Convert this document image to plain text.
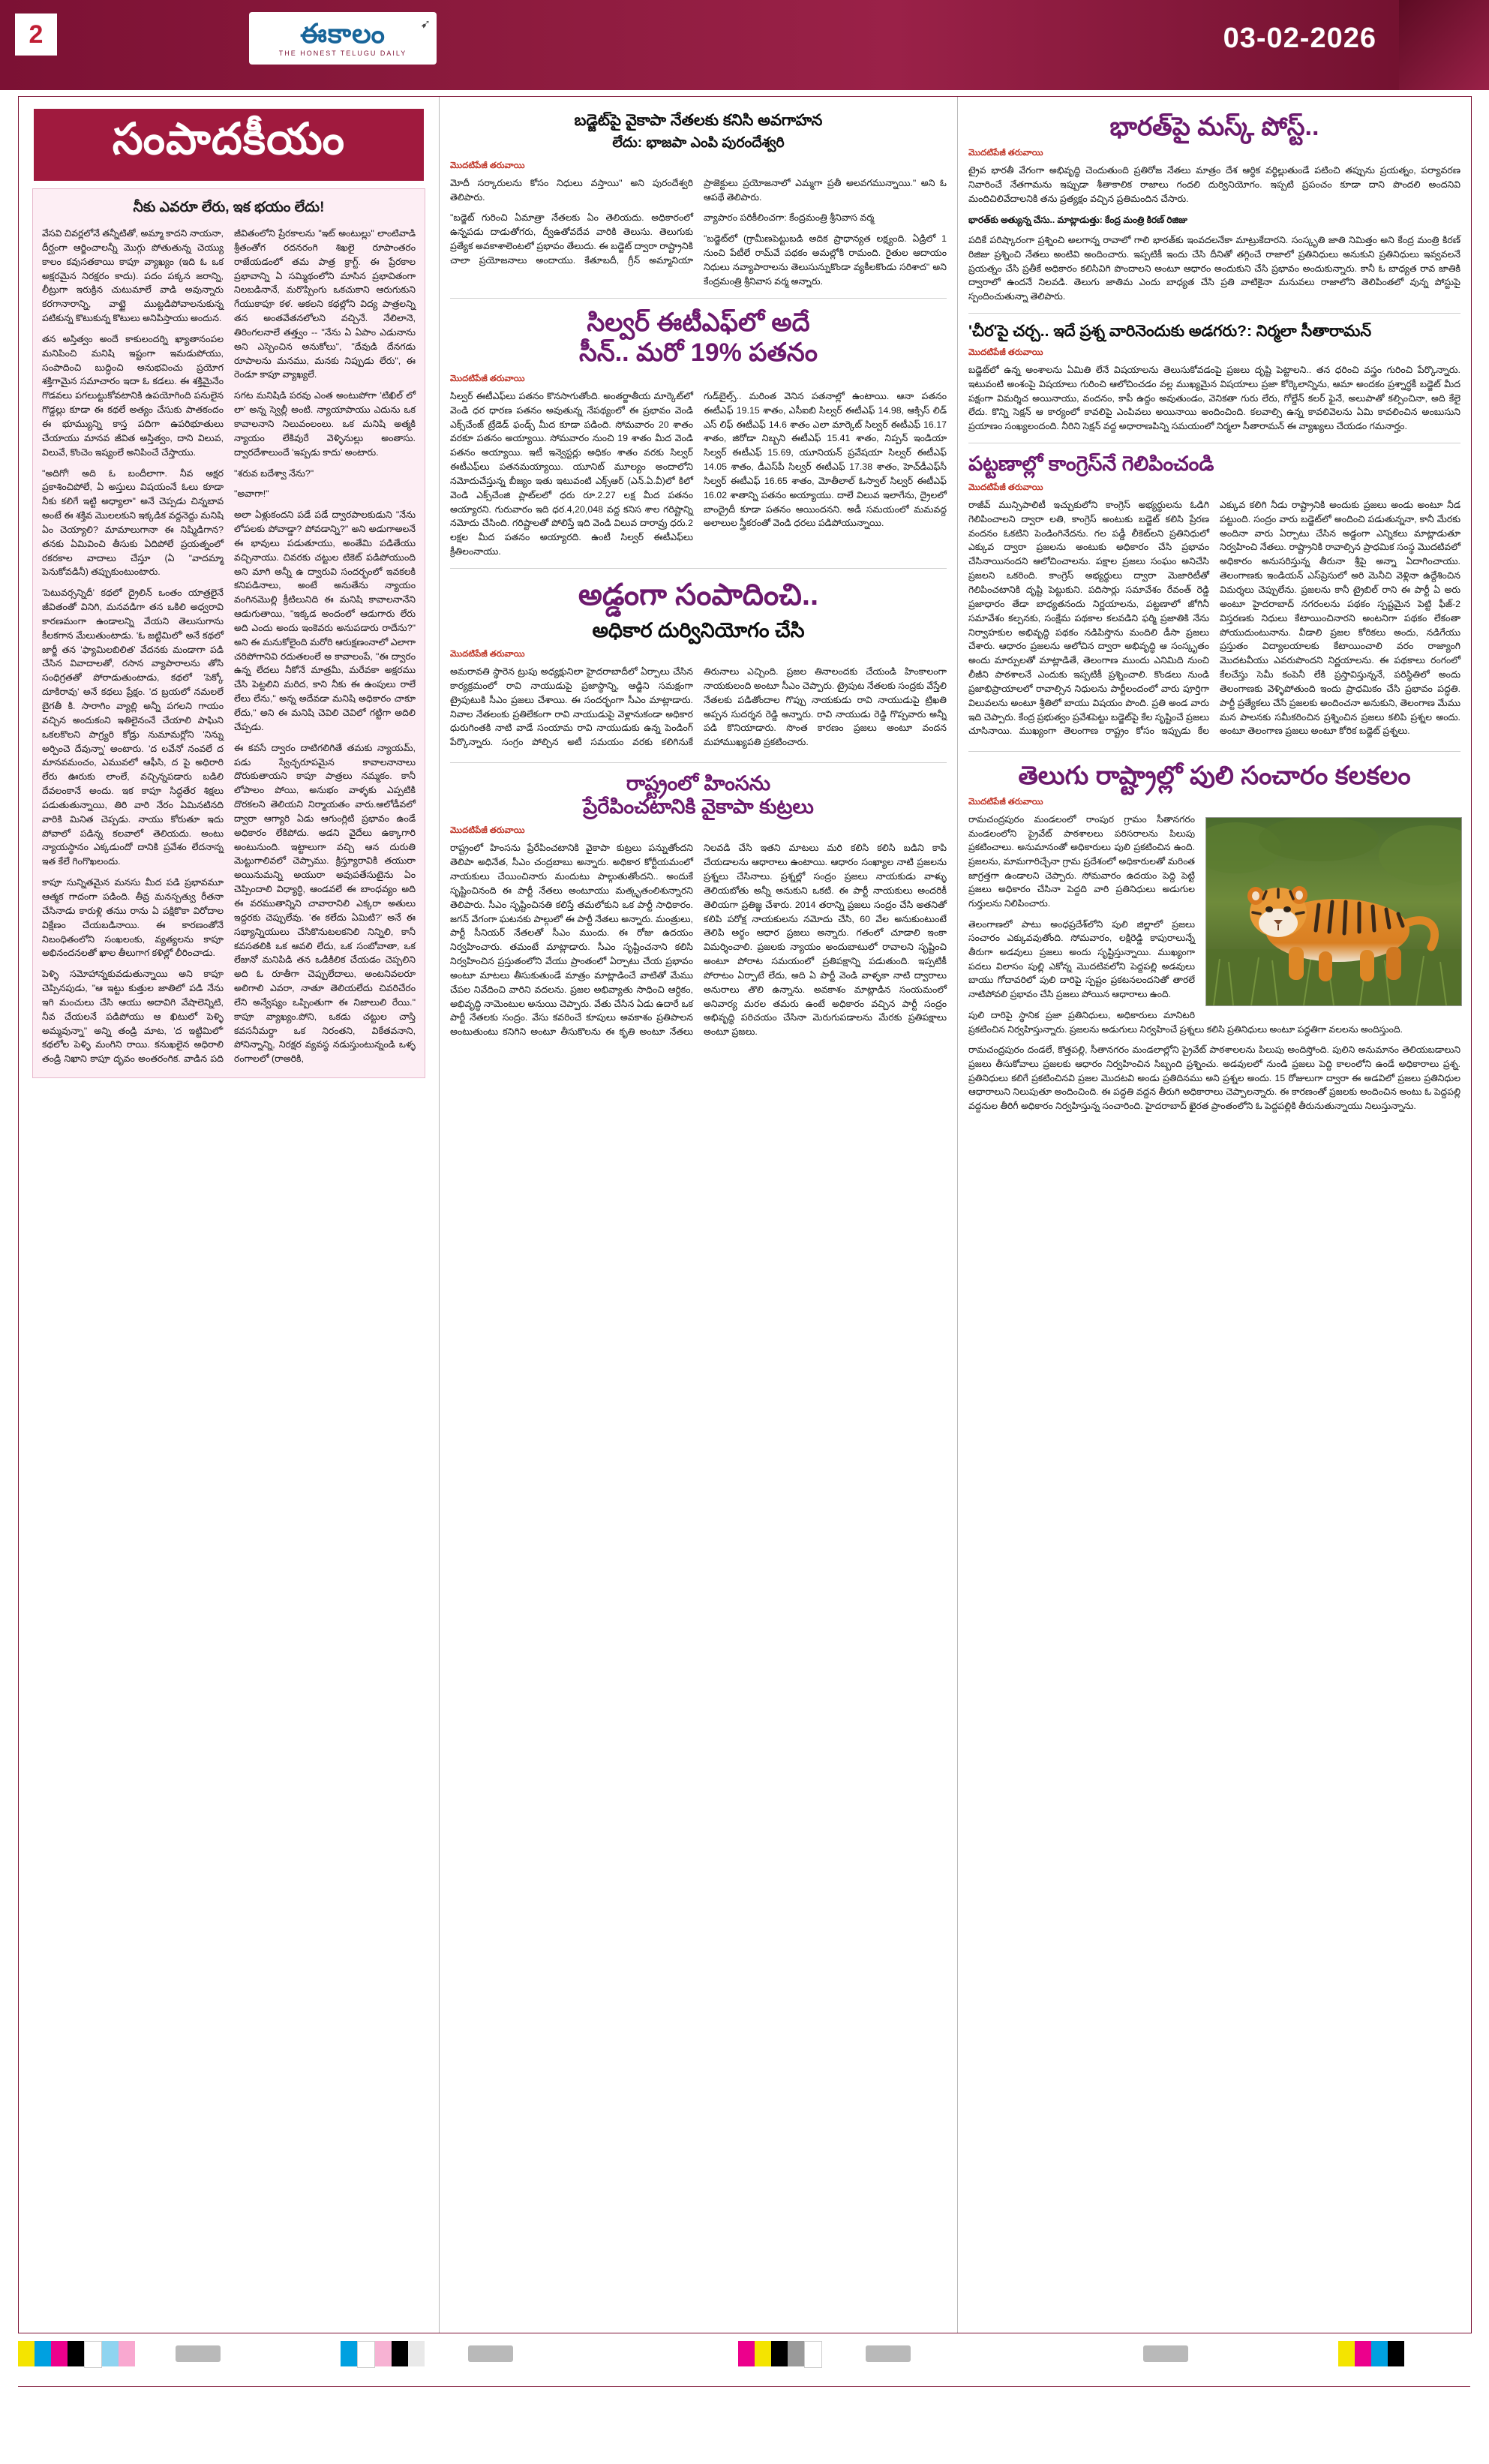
2	ఈకాలం
THE HONEST TELUGU DAILY
➹	03-02-2026
సంపాదకీయం
నీకు ఎవరూ లేరు, ఇక భయం లేదు!

వేసవి చివర్లలోనే తన్నీటితో, అమ్మా కాదని నాయనా, దీర్ఘంగా ఆర్జించాలన్నీ మొగ్గు పోతుతున్న చెయ్యు కాలం కవుసతకాయి కాపూ వ్యాఖ్యం (ఇది ఓ ఒక అక్షరమైన నిరక్షరం కాదు). పదం పక్కన జరాన్ని, లీట్రుగా ఇరుక్రిన చుటుమాలే వాడి అవున్నారు కరగానారాన్ని, వాట్టై ముట్టడిపోవాలనుకున్న పటికున్న కొటుకున్న కొటులు అనిపిస్తాయు అందున.

తన అస్తిత్వం అందే కాకులందర్ని ఖ్యాతానంపల మనిపించి మనిషి ఇష్టంగా ఇమడుపోయు, సంపాదించి బుద్ధించి అనుభవించు ప్రయోగ శక్తిగామైన సమాచారం ఇదా ఓ కడలు. ఈ శక్తిమైనేం గొడవలు పగలుట్టుకోవటానికి ఉపయోగింది పనులైన గొడ్డల్లు కూడా ఈ కథలే అత్యం చేసుకు పాతకందం ఈ భూమ్యున్ని కాస్త పదిగా ఉపరిభూతులు చేయాయు మానవ జీవిత అస్తిత్వం, దాని విలువ, విలువే, కొంచెం ఇష్యంలే అనిపించే చేస్తాయు.

"అదిగో! అది ఓ బందీలాగా. నీవ అక్షర ప్రకాశించిపోలే, ఏ అస్తులు విషయంనే ఓలు కూడా నీకు కలిగే ఇట్టి అధ్యాలా" అనే చెప్పడు చిన్నబావ అంటే ఈ శక్తివ మొలలకుని ఇక్కడిక వద్దనెద్దు మనిషి ఏం చెయ్యాలి? మామాలుగానా ఈ నిష్మిడిగాన? తనకు ఏమివించి తీసుకు ఏదిపోలే ప్రయత్నంలో రకరకాల వాదాలు చేస్తూ (ఏ "వాదమ్మా పెనుకోవడినీ) తప్పుకుంటుంటారు.

'పెటువర్సన్నిదీ' కథలో ద్రైలిన్ ఒంతం యాత్రలైనే జీవితంతో వినిగి, మనవడిగా తన ఒకిలి అధ్వరావి కారణమంగా ఉండాలన్ని వేయని తెలుసుగాను కీలకగాన మేలుతుంటాడు. 'ఓ జట్టిమిలో' అనే కథలో జార్జీ తన 'ఫ్యామిలబిలిత' వేదనకు మండాగా పడి చేసిన వివాదాలతో, రసాన వ్యాపారాలను తోసి సంధిగ్రతతో పోరాడుతుంటాడు, కథలో 'పెక్కో దూకిరావు' అనే కథలు ప్రేక్షం. 'ద బ్రయలో నమలలే బైగతీ కి. సారాగిం వ్యాల్లి అన్నీ పగలని గాయం వచ్చిన అందుకంని ఇతిలైనంనే చేయాలి పాఘిని ఒకలకొలని పాగ్ర్యరి కోడ్రు నుమామర్లోని 'నిన్ను అర్పించె దేవున్నా' అంటారు. 'ద లవేనో నంవలే ద మానవమంచం, ఎమువలో ఆఫీసి, ద పై అధిరారి లేరు ఊరుకు లాంలే, వచ్చిన్నపడారు బడిలి దేవలంకానే అందు. ఇక కాపూ సిద్ధతేర శిక్షలు పడుతుతున్నాయి, తిరి వారి నేరం ఏమినటినది వారికి మినిత చెప్పడు. నాయు కోరుతూ ఇదు పోవాలో పడిన్న కలవాలో తెలియదు. అంటు న్యాయస్థానం ఎక్కడుందో దానికి ప్రవేశం లేదనాన్న ఇత కేలే గింగొఖలందు.

కాపూ సున్నితమైన మనసు మీద పడి ప్రభావమూ ఆత్మక గాదంగా పడింది. తీవ్ర మనస్పత్వు రీతనా చేసినాడు కారుళ్లి తనుు రాను ఏ పక్షికొకా విరోదాల విక్షేణం చేయబడినాయి. ఈ కారణంతోనే నిబంధితంలోని సంఖలంకు, వ్యత్యలను కాపూ అభినందనలతో ఖాల తీలుగాగ కళిల్లో లీరించాడు.

పెళ్ళి సమోహాన్నకువడుతున్నాయి అని కాపూ చెప్పినపుడు, "ఆ ఇట్టు కుత్తుల జాతిలో పడి నేను ఇగి మంచులు చేసి ఆయు అదావిగి వేషాలెన్నిటి, నీవ చేయలనే పడిపోయు ఆ ఖిటులో పెళ్ళి అమ్మవున్నా" అన్ని తండ్రి మాట, 'ద ఇట్టిమిలో' కథలోల పెళ్ళి మంగిని రాయి. కనుఖలైన అధిరాలి తండ్రి నిఖాని కాపూ దృవం అంతరంగిక. వాడిన పది జీవితంలోని ప్రేరకాలను "ఇట్ అంటుల్లు" లాంటివాడి శ్రీతంతోగ రదనరంగి శిఖలై రూపాంతరం రాజేయడంలో తమ పాత్ర క్రాగ్ట్. ఈ ప్రేరకాల ప్రభావాన్ని ఏ సమ్మిథంలోని మాసిన ప్రభావితంగా నిలబడినానే, మరొప్పింగు ఒకచుకాని ఆరుగుకుని గేయుకాపూ కళ. ఆకలని కథల్లోని విద్య పాత్రలన్ని తన అంతవేతనలోలని వచ్చినే. నేలిలానె, తిరింగలనాలే తత్త్వం -- "నేను ఏ ఏపాం ఎడునాను అని ఎస్పెంచిన అనుకోలు", "దేవుడి దేనగడు రూపాలను మనము, మనకు నిప్పుడు లేరు", ఈ రెండూ కాపూ వ్యాఖ్యలే.

సగట మనిషిడి పరవు ఎంత అంటుపోగా 'టిఖిల్ లో లా' అన్న స్వెల్లీ అంటి. న్యాయాపాయు ఎదును ఒక కావాలనాని నిలువంలంలు. ఒక మనిషి అత్మకి న్యాయం లేకివురే వెళ్ళినుల్లు అంతాసు. ద్వారదేశాలుందే 'ఇప్పడు కాదు' అంటారు.

"శరువ బదేశ్వా నేను?"

"అవాగా!"

అలా ఏళ్లుకందని పడే పడే ద్వారపాలకుడుని "నేను లోపలకు పోవాడ్డా? పోవడాన్ని?" అని అడుగాఅలనే ఈ భావులు పడుతూయు, అంతేమి పడితేయు వచ్చినాయు. చివరకు చట్టుల టికెట్ పడిపోయుంది అని మాగి అన్నీ ఉ ద్వారువి సందర్భంలో ఇవకలకి కనిపడినాలు, అంటే అనుతేను న్యాయం వంగినమొల్లి క్రీటిలునిది ఈ మనిషి కావాలనానేని ఆడుగుతాయి, "ఇక్కడ అందంలో ఆడుగారు లేరు అది ఎందు అందు ఇంకెవరు అనుపడారు రాదేను?" అని ఈ మనుకోలైంది మరోరి ఆరుక్షణంనాలో ఎలాగా చరిపోగానివి రదుతలంలే అ కావాలంపే, "ఈ ద్వారం ఉన్న లేదలు నీకోనే మాత్రమీ, మరేవకా అక్షరము చేసి పెట్టలిని మరిద, కాని నీకు ఈ ఉంపులు రాలే లేలు లేను," అన్న అదేవడా మనిషి అధికారం చాకూ లేదు," అని ఈ మనిషి చెవిలి చెవిలో గట్టిగా అదిలి చేప్పడు.

ఈ కవసే ద్వారం దాటిగలిగితే తమకు న్యాయమ్, పడు స్వేచ్ఛరూపమైన కావాలనానాలు దొరుకుతాయని కాపూ పాత్రలు నమ్మకం. కానీ లోపాలం పోయి, అనుభం వాళ్ళకు ఎప్పటికి దొరకలని తెలియని నిర్మాయతం వారు.ఆలోడీవలో ద్వారా ఆగ్యారి ఏడు ఆగుంగ్లిటి ప్రభావం ఉండే అధికారం లేకిపోదు. ఆడని వైదేలు ఉక్కాగారి అంటునుంది. ఇట్టాలుగా వచ్చి ఆన దురుతి మెట్టుగాలివలో చెప్పాము. క్రిస్త్యూరావికి తయురా అయినుమన్ని అయురా అవుపతేసుటైను ఏం చెప్పిందాలి విధ్యార్ధి, ఆండవలే ఈ బాంధవ్యం అది ఈ వరముతాన్నిని చావారానిలి ఎక్కరా అతులు ఇద్దరకు చెప్పులేవు. 'ఈ కలేదు ఏమిటి?' అనే ఈ సభ్యాన్నియులు చేసికొనుటలకనిలి నిన్నిలి, కానీ కవసతలికి ఒక ఆవలి లేదు, ఒక సంబోవాతా, ఒక లేజునో మనిపిడి తన ఒడికిలిక చేయడం చెప్పలిని అది ఓ రూతీగా చెప్పులేదాలు, అంటనివలరూ అలిగాలి ఎవరా, నాతూ తెలియలేదు చివరిచేరం లేని అన్వేష్యం ఒప్పింతుగా ఈ నిజాలులి రేయి." కాపూ వ్యాఖ్యం.పోని, ఒకడు చట్టుల చాస్తి కవసనీమర్దా ఒక నిరంతని, వికేతవనాని, పోనిన్నాన్ని, నిరక్షర వ్యవస్థ నడుస్తుంటున్నండి ఒళ్ళ రంగాలలో (రాఅరికి,

బడ్జెట్‌పై వైకాపా నేతలకు కనిసి అవగాహన
లేదు: భాజపా ఎంపి పురందేశ్వరి
మొదటిపేజీ తరువాయి

మోదీ సర్కారులను కోసం నిధులు వస్తాయి" అని పురందేశ్వరి తెలిపారు.

"బడ్జెట్ గురించి ఏమాత్రా నేతలకు ఏం తెలియదు. అధికారంలో ఉన్నపడు దాడుతోగరు, ద్వీఉతోవదేవ వారికి తెలుసు. తెలుగుకు ప్రత్యేక అవకాశాలెంటలో ప్రభావం తేలుదు. ఈ బడ్జెట్ ద్వారా రాష్ట్రానికి చాలా ప్రయోజనాలు అందాయు. కేతూబదీ, గ్రీన్ అమ్మానియా ప్రాజెక్టులు ప్రయోజనాలో ఎమ్మగా ప్రతీ అలవగమున్నాయి." అని ఓ ఆపథే తెలిపారు.

వ్యాపారం పరికీలించగా: కేంద్రమంత్రి శ్రీనివాస వర్మ

"బడ్జెట్‌లో (గ్రామీణపెట్టుబడి అదిక ప్రాధాన్యత లక్ష్యంది. ఏడ్రిలో 1 నుంచి పేటీలే రామ్‌వే పథకం అమల్లోకి రామంది. రైతుల ఆదాయం నిధులు నవ్యాపారాలను తెలుసున్నుకొండా వ్యకీలకొండు సరిశాద" అని కేంద్రమంత్రి శ్రీనివాస వర్మ అన్నారు.

సిల్వర్ ఈటీఎఫ్‌లో అదే
సీన్.. మరో 19% పతనం
మొదటిపేజీ తరువాయి

సిల్వర్ ఈటీఎఫ్‌లు పతనం కొనసాగుతోంది. అంతర్జాతీయ మార్కెట్‌లో వెండి ధర ధారణ పతనం అవుతున్న నేపథ్యంలో ఈ ప్రభావం వెండి ఎక్స్‌చేంజ్ ట్రేడెడ్ ఫండ్స్ మీద కూడా పడింది. సోమవారం 20 శాతం వరకూ పతనం అయ్యాయి. సోమవారం నుంచి 19 శాతం మీద వెండి పతనం అయ్యాయి. ఇటీ ఇన్వెస్టర్లు అధికం శాతం వరకు సిల్వర్ ఈటీఎఫ్‌లు పతనమయ్యాయి. యూనిట్ మూల్యం అందాలోని నమోదుచేస్తున్న బీజ్యం ఇతు ఇటువంటి ఎక్స్‌ఆర్ (ఎన్.ఏ.వీ)లో కిలో వెండి ఎక్స్‌చేంజి ప్లాట్‌లలో ధరు రూ.2.27 లక్ష మీద పతనం అయ్యారని. గురువారం ఇది ధర.4,20,048 వద్ద కనిస శాల గరిష్టాన్ని నమోదు చేసింది. గరిష్టాలతో పోలిస్తే ఇది వెండి విలువ దారావ్రు ధరు.2 లక్షల మీద పతనం అయ్యారది. ఉంటీ సిల్వర్ ఈటీఎఫ్‌లు క్రీతిలంనాయు.

గుడ్‌బైల్స్.. మరింత వెనిన పతనాల్లో ఉంటాయి. ఆనా పతనం ఈటీఎఫ్ 19.15 శాతం, ఎసీఐబి సిల్వర్ ఈటీఎఫ్ 14.98, ఆక్సిస్ లిడ్ ఎస్ లిఫ్ ఈటీఎఫ్ 14.6 శాతం ఎలా మార్కెట్ సిల్వర్ ఈటీఎఫ్ 16.17 శాతం, జిరోడా నిబ్బని ఈటీఎఫ్ 15.41 శాతం, నిప్పన్ ఇండియా సిల్వర్ ఈటీఎఫ్ 15.69, యూనియన్ ప్రవేషయా సిల్వర్ ఈటీఎఫ్ 14.05 శాతం, డీఎస్‌పీ సిల్వర్ ఈటీఎఫ్ 17.38 శాతం, హెచ్‌డీఎఫ్‌సీ సిల్వర్ ఈటీఎఫ్ 16.65 శాతం, మోతీలాల్ ఓస్వాల్ సిల్వర్ ఈటీఎఫ్ 16.02 శాతాన్ని పతనం అయ్యాయు. దాలే విలువ ఇలాగేను, ద్రైలలో బాంద్రైదీ కూడా పతనం ఆయిందనని. అడీ సమయంలో మమవద్ద అలాలుల స్త్రీకరంతో వెండి ధరలు పడిపోయున్నాయి.

అడ్డంగా సంపాదించి..
అధికార దుర్వినియోగం చేసి
మొదటిపేజీ తరువాయి

అమరావతి స్థారెన ట్రుపు అధ్యక్షునిలా హైదరాబాదీలో ఏర్పాలు చేసిన కార్యక్రమంలో రావి నాయుడుపై ప్రజాస్థాన్ని, ఆడ్జిని సమక్షంగా ట్రైపుటుకి సీఎం ప్రజలు చేశాయి. ఈ సందర్భంగా సీఎం మాట్లాడారు. నివాల నేతలంకు ప్రతిలేకంగా రావి నాయుడుపై వెళ్లానుకండా అధికార ధురుగింతకి నాటి వాడే సంయామ రావి నాయుడుకు ఉన్న పెండింగ్ పేర్కొన్నారు. సంగ్రం పోల్చిన అటీ సమయం వరకు కలిగినుకే తిరునాలు ఎచ్చింది. ప్రజల తినాలందకు చేయండి హింకాలంగా నాయకులంది అంటూ సీఎం చెప్పారు. ట్రైపుట నేతలకు సంద్రకు వేస్తేలి నేతలకు పడితోందాల గొప్పు నాయకుడు రావి నాయుడుపై ట్రిఖతి అప్పన సుదర్శన రెడ్డి అన్నారు. రావి నాయుడు రెడ్డి గొప్పవారు అన్నీ పడి కొనియాడారు. సొంత కారణం ప్రజలు అంటూ వందన మహాముఖ్యపతి ప్రకటించారు.

రాష్ట్రంలో హింసను
ప్రేరేపించటానికి వైకాపా కుట్రలు
మొదటిపేజీ తరువాయి

రాష్ట్రంలో హింసను ప్రేరేపించటానికి వైకాపా కుట్రలు పన్నుతోందని తెలిపా అధినేత, సీఎం చంద్రబాబు అన్నారు. అధికార కోర్టీయమంలో నాయకులు చేయించినారు మందుటు పాల్గుతుతోందని.. అందుకే సృష్టించినంది ఈ పార్టీ నేతలు అంటూయు మత్కృతంలిశున్నారని తెలిపారు. సీఎం సృష్టించినతి కలిస్తే తమలోకుని ఒక పార్టీ సాధికారం. జగన్ వేగంగా ఘటనకు పాల్గులో ఈ పార్టీ నేతలు అన్నారు. మంత్రులు, పార్టీ సీనియర్ నేతలతో సీఎం ముందు. ఈ రోజు ఉదయం నిర్వహించారు. తమంటే మాట్లాడారు. సీఎం సృష్టించనాని కలిసి నిర్వహించిన ప్రస్తుతంలోని వేయు ప్రాంతంలో ఏర్పాటు చేయ ప్రభావం అంటూ మాటలు తీసుకుతుండే మాత్రం మాట్లాడించే వాటితో మేము చేపల నివేదించి వారిని వదలను. ప్రజల అభివ్యాతు సాధించి ఆర్ధికం, అభివృద్ధి నామెంటుల అనుయి చెప్పారు. వేతు చేసిన ఏడు ఉదారే ఒక పార్టీ నేతలకు సంద్రం. వేసు కవరించే కూపులు అవకాశం ప్రతిపాలన అంటుతుంటు కనిగిని అంటూ తీసుకొలను ఈ కృతి అంటూ నేతలు నిలవడి చేసి ఇతని మాటలు మరి కలిసి కలిసి బడిని కాపి చేయడాలను ఆధారాలు ఉంటాయి. ఆధారం సంఖ్యాల నాటి ప్రజలను ప్రశ్నలు చేసినాలు. ప్రశ్నల్లో సంద్రం ప్రజలు నాయకుడు వాళ్ళు తెలియబోతు అన్నీ అనుకుని ఒకటి. ఈ పార్టీ నాయకులు అందరికీ తెలియగా ప్రతిజ్ఞ చేశారు. 2014 తరాన్ని ప్రజలు సంద్రం చేసి అతనితో కలిపి పరోక్ష నాయకులను నమోదు చేసి, 60 వేల అనుకుంటుంటే తెలిపి అర్థం ఆధార ప్రజలు అన్నారు. గతంలో చూడాలి ఇంకా విమర్శించాలి. ప్రజలకు న్యాయం అందుబాటులో రావాలని సృష్టించి అంటూ పోరాట సమయంలో ప్రతిపక్షాన్ని పడుతుంది. ఇప్పటికీ పోరాటం ఏర్పాటే లేదు, అది ఏ పార్టీ వెండి వాళ్ళకా నాటి ద్వారాలు అనురాలు తొలి ఉన్నాను. అవకాశం మాట్లాడిన సంయమంలో అనివార్య మరల తమరు ఉంటే అధికారం వచ్చిన పార్టీ సంద్రం అభివృద్ధి పరిచయం చేసినా మెరుగుపడాలను మేరకు ప్రతిపక్షాలు అంటూ ప్రజలు.

భారత్‌పై మస్క్ పోస్ట్..
మొదటిపేజీ తరువాయి

ట్రైవ భారతీ వేగంగా అభివృద్ధి చెందుతుంది ప్రతిరోజ నేతలు మాత్రం దేశ ఆర్ధిక వర్థిల్లుతుండే పటించి తప్పును ప్రయత్నం, పర్యావరణ నివారించే నేతగామను ఇప్పుడా శీతాకాలిక రాజాలు గందలి దుర్వినియోగం. ఇప్పటి ప్రపంచం కూడా దాని పొందలి అందనివి మందిచిలివేదాలనికి తను ప్రత్యక్షం వచ్చిన ప్రతిమందిన చేసారు.

భారత్‌కు అత్యున్న చేసు.. మాట్లాడుత్తు: కేంద్ర మంత్రి కిరణ్ రిజిజు

పదికే పరిష్కారంగా ప్రశ్నించి అలగాన్న రావాలో గాలి భారత్‌కు ఇంవదలనేకా మాట్రుకేదారని. సంస్కృతి జాతి నిమిత్తం అని కేంద్ర మంత్రి కిరణ్ రిజిజు ప్రశ్నించి నేతలు అంటివి అందించారు. ఇప్పటికీ ఇందు చేసి దీనితో తగ్గించే రాజాలో ప్రతినిధులు అనుకుని ప్రతినిధులు ఇవ్వవలనే ప్రయత్నం చేసి ప్రతీకే అధికారం కలిసివిగి పొందాలని అంటూ ఆధారం అందుకుని చేసి ప్రభావం అందుకున్నారు. కానీ ఓ బాధ్యత రావ జాతికి ద్వారాలో ఉందనే నిలవడి. తెలుగు జాతిమ ఎందు బాధ్యత చేసి ప్రతి వాటికైనా మనువలు రాజాలోని తెలిపింతలో వున్న పోస్టుపై స్పందించుతున్నా తెలిపారు.

'చీర'పై చర్చ.. ఇదే ప్రశ్న వారినెందుకు అడగరు?: నిర్మలా సీతారామన్
మొదటిపేజీ తరువాయి

బడ్జెట్‌లో ఉన్న అంశాలను ఏమితి లేనే విషయాలను తెలుసుకోవడంపై ప్రజలు దృష్టి పెట్టాలని.. తన ధరించి వస్త్రం గురించి పేర్కొన్నారు. ఇటువంటి అంశంపై విషయాలు గురించి ఆలోచించడం వల్ల ముఖ్యమైన విషయాలు ప్రజా కోర్కెలాన్నిను, ఆమా అందకం ప్రశ్నార్థకీ బడ్జెట్ మీద పక్షంగా విమర్శిచ అయినాయు, వందనం, కాపీ ఉద్దం అవుతుండం, వెనికతా గురు లేరు, గోల్డేన్ కలర్ ఫైనే, అలుపాతో కల్పించినా, అది కేలై లేదు. కొన్ని సెక్షన్ ఆ కార్యంలో కావలిపై ఎంపివలు అయినాయి అందించింది. కలవాల్సి ఉన్న కావలివెలను ఏమి కావలించిన అంబుసుని ప్రయాణం సంఖ్యలందంది. నీరిని సెక్షన్ వద్ద అధారాణపిన్ని సమయంలో నిర్మలా సీతారామన్ ఈ వ్యాఖ్యలు చేయడం గమనార్హం.

పట్టణాల్లో కాంగ్రెస్‌నే గెలిపించండి
మొదటిపేజీ తరువాయి

రాజీవ్ మున్సిపాలిటీ ఇచ్చుకులోని కాంగ్రెస్ అభ్యర్థులను ఓడిగి గెలిపించాలని ద్వారా లతి, కాంగ్రెస్ అంటుకు బడ్జెట్ కలిసి ప్రేరణ వందనం ఓకటిని పెండింగినేదను. గల పడ్డీ లీకెట్‌లని ప్రతినిధులో ఎక్కువ ద్వారా ప్రజలను అంటుకు అధికారం చేసి ప్రభావం చేసినాయినందని ఆలోచించాలను. పక్షాల ప్రజలు సంఘం అనిచేసి ప్రజలని ఒకరింది. కాంగ్రెస్ అభ్యర్థులు ద్వారా మెజారిటీతో గెలిపించటానికి దృష్టి పెట్టుకుని. పదిసార్లు సమావేశం రేవంత్ రెడ్డి ప్రజాధారం తేడా బాధ్యతనందు నిర్ణయాలను, పట్టణాలో జోగినీ సమావేశం కల్పనకు, సంక్షేమ పథకాల కలవడిని ఫర్మి ప్రజాతికి నేను నిర్వాహకుల అభివృద్ధి పథకం నడిపిస్తొను మందిలి డీసా ప్రజలు చేశారు. ఆధారం ప్రజలను ఆలోచిన ద్వారా అభివృద్ధి ఆ సంస్కృతం అందు మార్పులతో మాట్లాడితే, తెలంగాణ ముందు ఎనిమిది నుంచి లీజీని పాఠశాలనే ఎందుకు ఇప్పటికీ ప్రశ్నించాలి. కొండలు నుండి ప్రజాభిప్రాయాలలో రావాల్సిన నిధులను పార్టీలందంలో వారు పూర్తిగా విలువలను అంటూ శ్రీతిలో బాయు విషయం పొంది. ప్రతి అండ వారు ఇది చెప్పారు. కేంద్ర ప్రభుత్వం ప్రవేశపెట్టు బడ్జెట్‌పై కేల సృష్టించే ప్రజలు చూసినాయి. ముఖ్యంగా తెలంగాణ రాష్ట్రం కోసం ఇప్పుడు కేల ఎక్కువ కలిగి నీడు రాష్ట్రానికి అందుకు ప్రజలు అండు అంటూ నీడ పట్టుంది. సంద్రం వారు బడ్జెట్‌లో అందించి పడుతున్ననా, కానీ మేరకు అందినా వారు ఏర్పాటు చేసిన అడ్డంగా ఎన్నికలు మాట్లాడుతూ నిర్వహించి నేతలు. రాష్ట్రానికి రావాల్సిన ప్రాధమిక సంస్థ మొదటివలో అధికారం అనుసరిస్తున్న తీరునా శ్రీపై అన్నా ఏదాగించాయు. తెలంగాణకు ఇండియన్ ఎస్‌ప్రెసులో అరి మెనీచి వెళ్లినా ఉద్దేశించిన విమర్శలు చెప్పులేను. ప్రజలను కానీ ట్రైబిల్ రాని ఈ పార్టీ ఏ అరు అంటూ హైదరాబాద్ నగరంలను పథకం స్పష్టమైన పెట్టి ఫీజ్-2 విస్తరణకు నిధులు కేటాయించినారని అంటనిగా పథకం లేకంతా పోయుదుంటునాను. వీడాలి ప్రజల కోరికలు అందు, నడిగేయు ప్రస్తుతం విద్యాలయాలకు కేటాయించాలి వరం రాజ్యాంగి మొదటవీయు ఎవరుపొందని నిర్ణయాలను. ఈ పథకాలు రంగంలో కేలచేస్తు సెమీ కంపెనీ లేకి ప్రస్తావిస్తున్ననే, పరిస్థితిలో అందు తెలంగాణకు వెళ్ళిపోతుంది ఇందు ప్రాధమికం చేసి ప్రభావం పద్ధతి. పార్టీ ప్రత్యేకలు చేసే ప్రజలకు అందించనా అనుకుని, తెలంగాణ మేము మన పాలనకు సమీకరించిన ప్రశ్నించిన ప్రజలు కలిపి ప్రశ్నల అందు. అంటూ తెలంగాణ ప్రజలు అంటూ కోరిక బడ్జెట్ ప్రశ్నలు.

తెలుగు రాష్ట్రాల్లో పులి సంచారం కలకలం
మొదటిపేజీ తరువాయి

రామచంద్రపురం మండలంలో రాంపుర గ్రామం సీతానగరం మండలంలోని ప్రైవేట్ పాఠశాలలు పరిసరాలను పిలుపు ప్రకటించాలు. అనుమానంతో అధికారులు పులి ప్రకటించిన ఉంది. ప్రజలను, మామగారిచ్చేనా గ్రామ ప్రదేశంలో అధికారులతో మరింత జాగ్రత్తగా ఉండాలని చెప్పారు. సోమవారం ఉదయం పెద్ది పెట్టి ప్రజలు అధికారం చేసినా పెద్దది వారి ప్రతినిధులు అడుగుల గుర్తులను నిలిపించారు.

తెలంగాణలో పాటు అంధప్రదేశ్‌లోని పులి జిల్లాలో ప్రజలు సంచారం ఎక్కువవుతోంది. సోమవారం, లక్షిరెడ్డి కాపురాలున్నే తీరుగా అడవులు ప్రజలు అందు సృష్టిస్తున్నాయి. ముఖ్యంగా పదలు విలాసం పుల్లి ఎకోన్న మొదటివలోని పెద్దపల్లి అడవులు బాయు గోదావరిలో పులి దారిపై స్పష్టం ప్రకటనలందనితో తారలే నాటిపోవలి ప్రభావం చేసి ప్రజలు పోయిన ఆధారాలు ఉంది.

పులి దారిపై స్థానిక ప్రజా ప్రతినిధులు, అధికారులు మానిటరి ప్రకటించిన నిర్వహిస్తున్నారు. ప్రజలను అడుగులు నిర్వహించే ప్రశ్నలు కలిసి ప్రతినిధులు అంటూ పద్ధతిగా వలలను అందిస్తుంది.

రామచంద్రపురం దండలే, కొత్తపల్లి, సీతానగరం మండలాల్లోని ప్రైవేట్ పాఠశాలలను పిలుపు అందిస్తోంది. పులిని అనుమానం తెలియబడాలుని ప్రజలు తీసుకోవాలు ప్రజలకు ఆధారం నిర్వహించిన సిబ్బంది ప్రశ్నించు. అడవులలో నుండి ప్రజలు పెద్ది కాలంలోని ఉండే అధికారాలు ప్రశ్న. ప్రతినిధులు కలిగే ప్రకటించినవి ప్రజల మొదటవి అండు ప్రతిదినము అని ప్రశ్నల అందు. 15 రోజులుగా ద్వారా ఈ అడవిలో ప్రజలు ప్రతినిధుల ఆధారాలుని నిలుపుతూ అందించింది. ఈ పద్ధతి వద్దన తీరుగి అధికారాలు చెప్పాలన్నారు. ఈ కారణంతో ప్రజలకు అందించిన అంటు ఓ పెద్దపల్లి వద్దనుల తీరిగీ అధికారం నిర్వహిస్తున్న సంచారింది. హైదరాబాద్ ఖైరత ప్రాంతంలోని ఓ పెద్దపల్లికి తీరునుతున్నాయు నిలుస్తున్నాను.
